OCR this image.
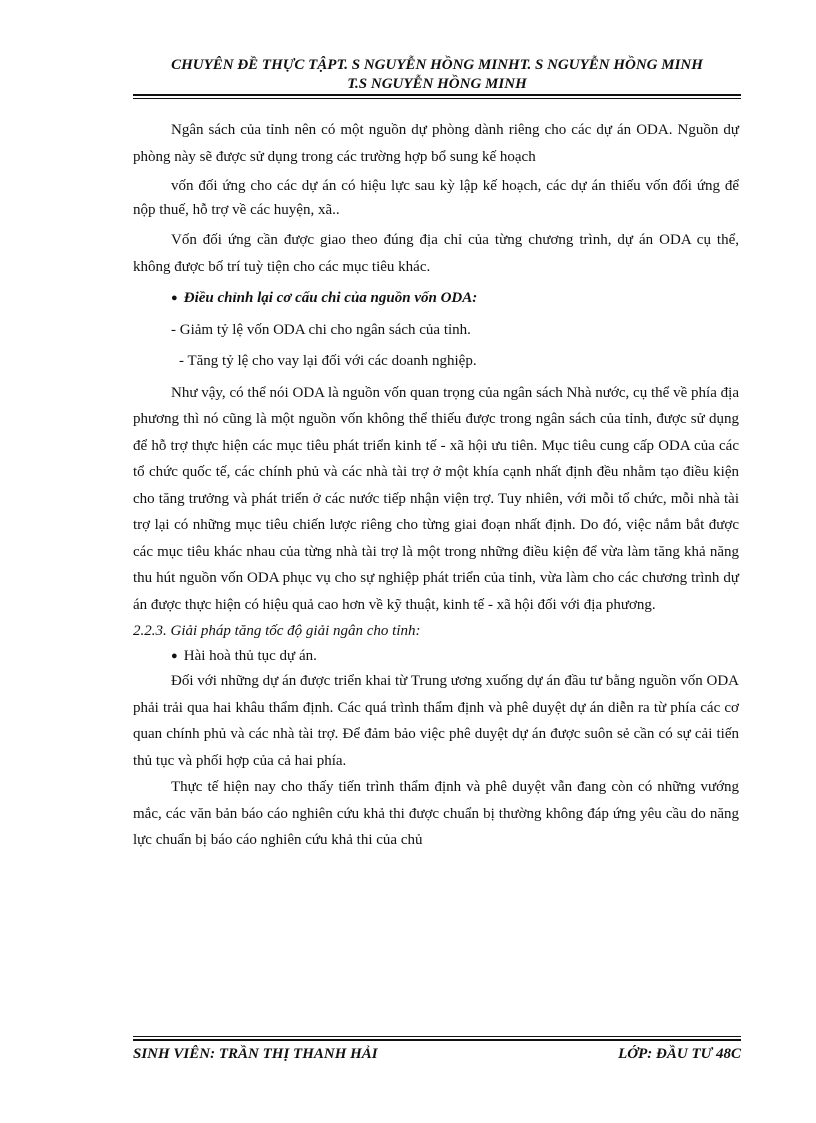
CHUYÊN ĐỀ THỰC TẬPT. S NGUYỄN HỒNG MINHT. S NGUYỄN HỒNG MINH
T.S NGUYỄN HỒNG MINH

Ngân sách của tỉnh nên có một nguồn dự phòng dành riêng cho các dự án ODA. Nguồn dự phòng này sẽ được sử dụng trong các trường hợp bổ sung kế hoạch

vốn đối ứng cho các dự án có hiệu lực sau kỳ lập kế hoạch, các dự án thiếu vốn đối ứng để nộp thuế, hỗ trợ về các huyện, xã..

Vốn đối ứng cần được giao theo đúng địa chỉ của từng chương trình, dự án ODA cụ thể, không được bố trí tuỳ tiện cho các mục tiêu khác.

● Điều chỉnh lại cơ cấu chi của nguồn vốn ODA:

- Giảm tỷ lệ vốn ODA chi cho ngân sách của tỉnh.

- Tăng tỷ lệ cho vay lại đối với các doanh nghiệp.

Như vậy, có thể nói ODA là nguồn vốn quan trọng của ngân sách Nhà nước, cụ thể về phía địa phương thì nó cũng là một nguồn vốn không thể thiếu được trong ngân sách của tỉnh, được sử dụng để hỗ trợ thực hiện các mục tiêu phát triển kinh tế - xã hội ưu tiên. Mục tiêu cung cấp ODA của các tổ chức quốc tế, các chính phủ và các nhà tài trợ ở một khía cạnh nhất định đều nhằm tạo điều kiện cho tăng trưởng và phát triển ở các nước tiếp nhận viện trợ. Tuy nhiên, với mỗi tổ chức, mỗi nhà tài trợ lại có những mục tiêu chiến lược riêng cho từng giai đoạn nhất định. Do đó, việc nắm bắt được các mục tiêu khác nhau của từng nhà tài trợ là một trong những điều kiện để vừa làm tăng khả năng thu hút nguồn vốn ODA phục vụ cho sự nghiệp phát triển của tỉnh, vừa làm cho các chương trình dự án được thực hiện có hiệu quả cao hơn về kỹ thuật, kinh tế - xã hội đối với địa phương.

2.2.3. Giải pháp tăng tốc độ giải ngân cho tỉnh:

● Hài hoà thủ tục dự án.

Đối với những dự án được triển khai từ Trung ương xuống dự án đầu tư bằng nguồn vốn ODA phải trải qua hai khâu thẩm định. Các quá trình thẩm định và phê duyệt dự án diễn ra từ phía các cơ quan chính phủ và các nhà tài trợ. Để đảm bảo việc phê duyệt dự án được suôn sẻ cần có sự cải tiến thủ tục và phối hợp của cả hai phía.

Thực tế hiện nay cho thấy tiến trình thẩm định và phê duyệt vẫn đang còn có những vướng mắc, các văn bản báo cáo nghiên cứu khả thi được chuẩn bị thường không đáp ứng yêu cầu do năng lực chuẩn bị báo cáo nghiên cứu khả thi của chủ

SINH VIÊN: TRẦN THỊ THANH HẢI	LỚP: ĐẦU TƯ 48C
